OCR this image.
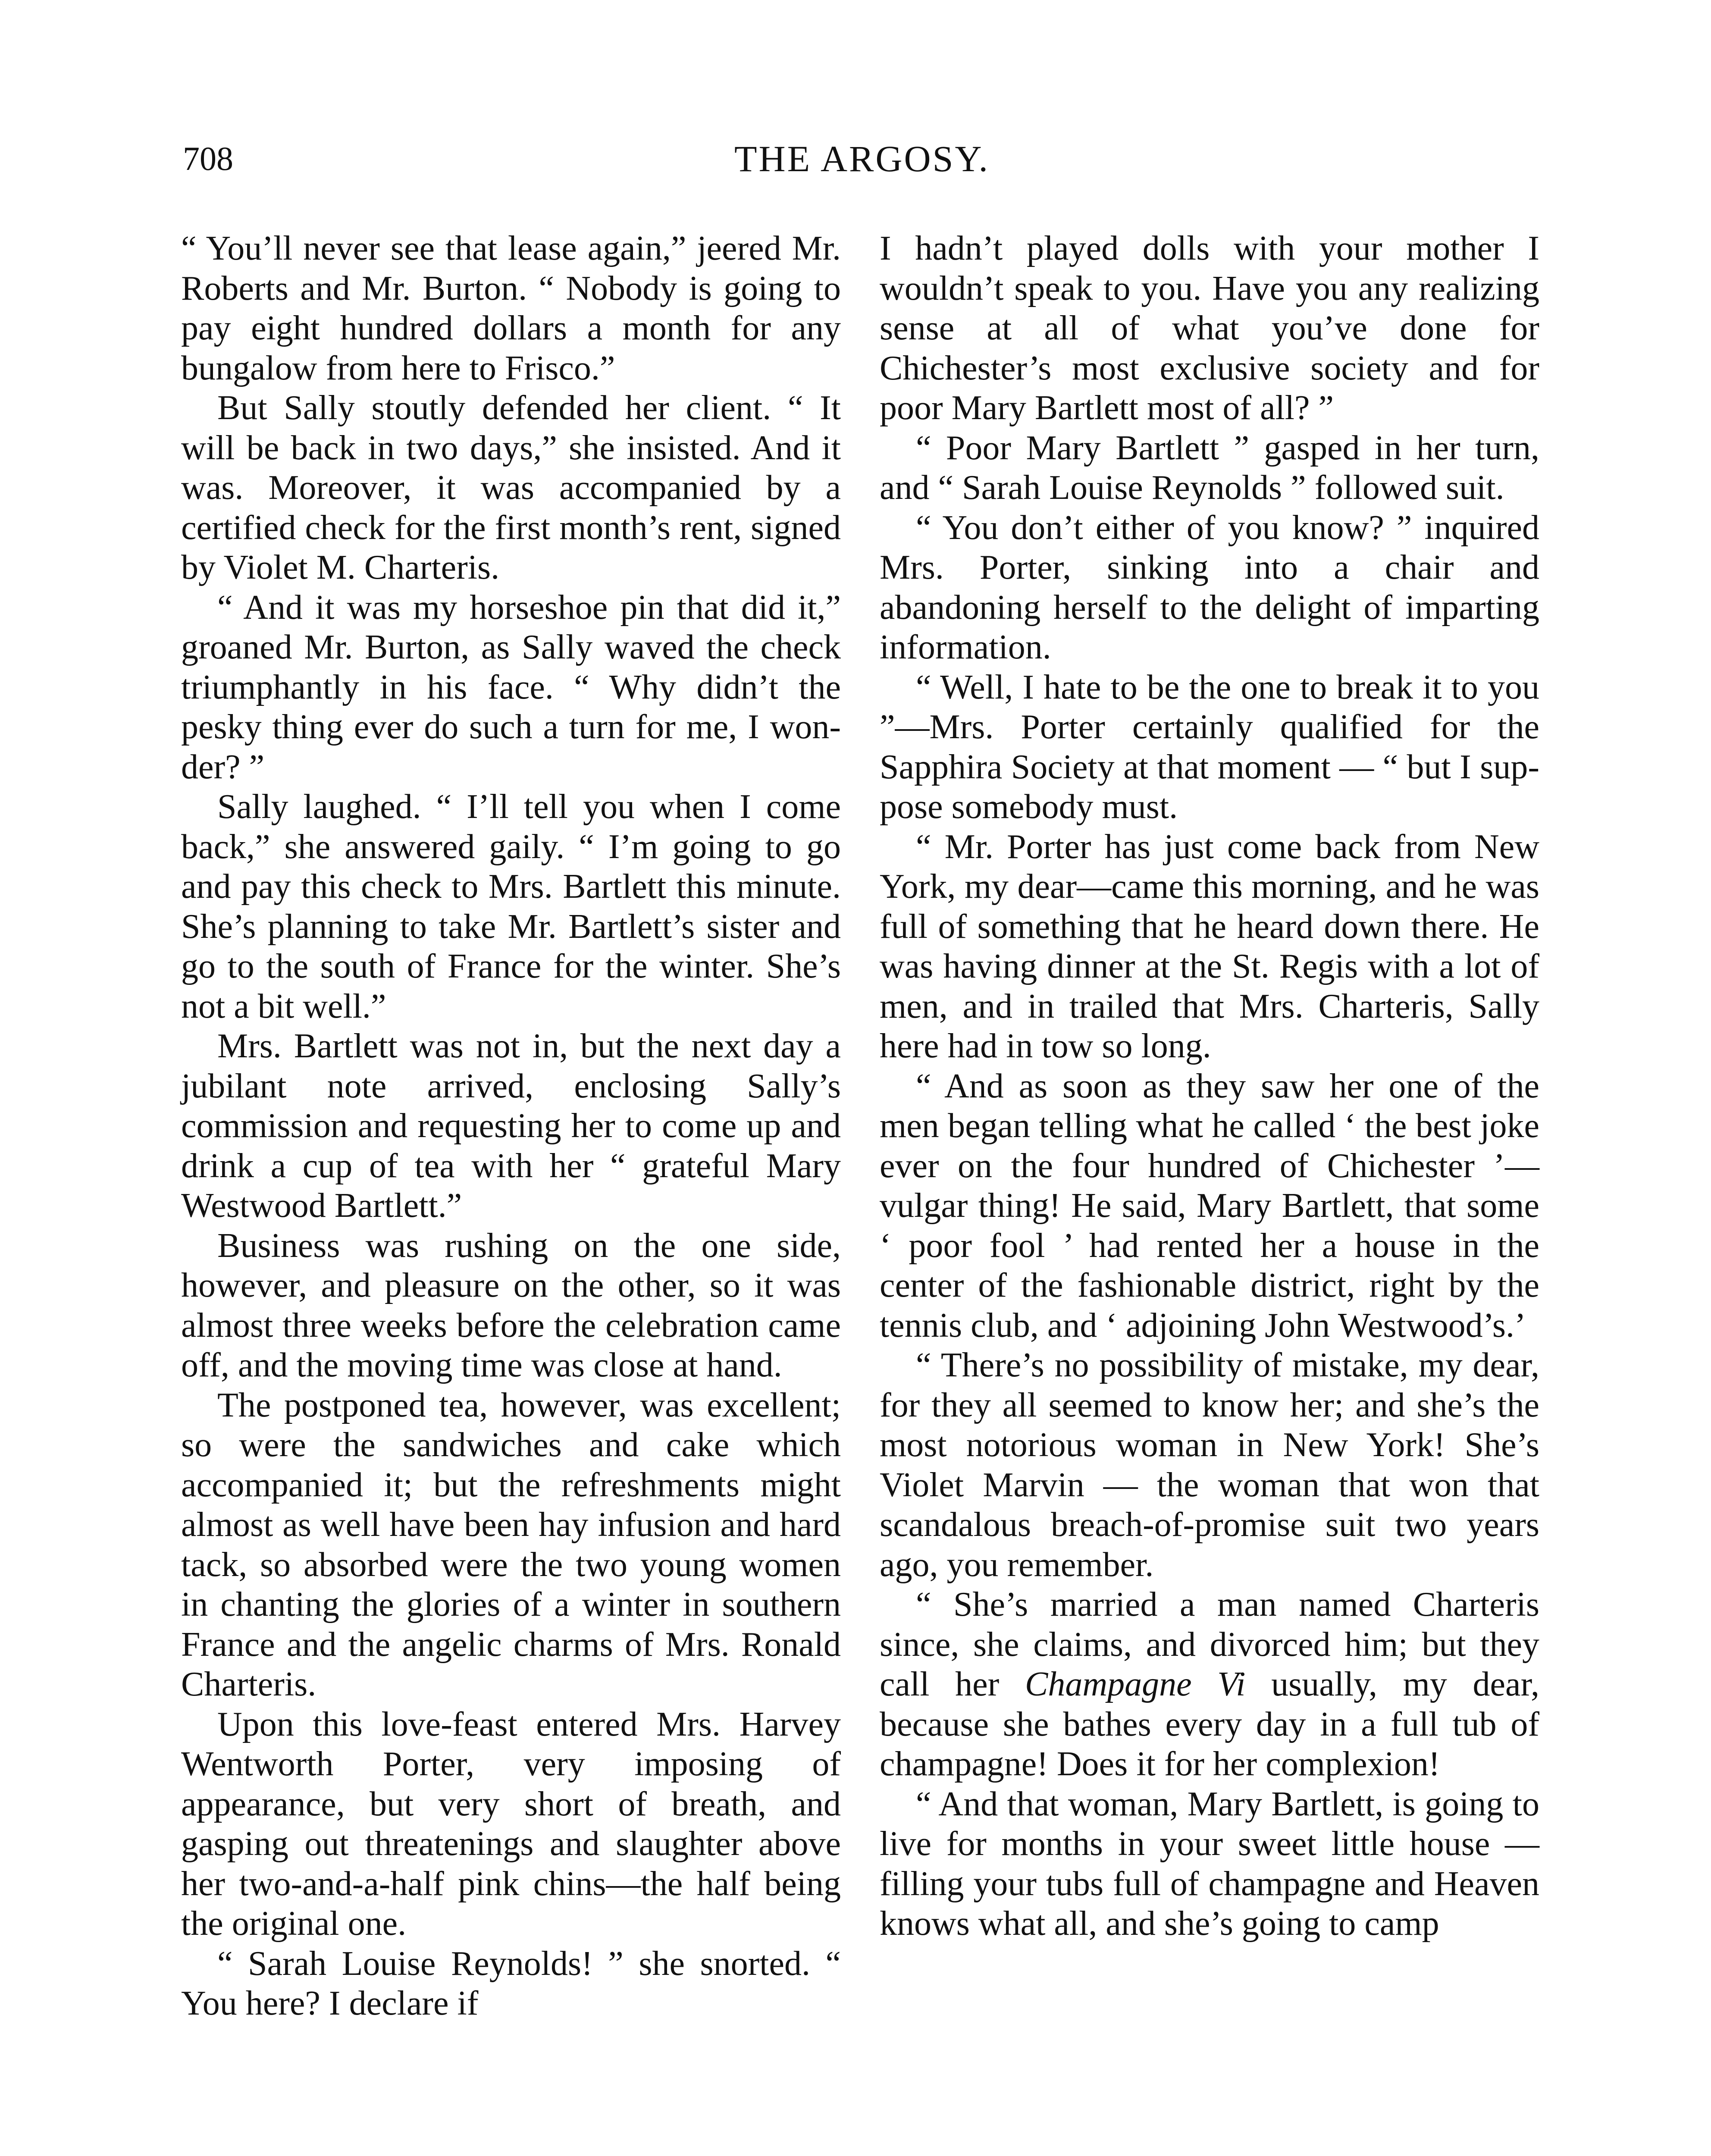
708	THE ARGOSY.

“ You’ll never see that lease again,” jeered Mr. Roberts and Mr. Burton. “ Nobody is going to pay eight hundred dollars a month for any bungalow from here to Frisco.”

But Sally stoutly defended her client. “ It will be back in two days,” she insisted. And it was. Moreover, it was accompanied by a certified check for the first month’s rent, signed by Violet M. Charteris.

“ And it was my horseshoe pin that did it,” groaned Mr. Burton, as Sally waved the check triumphantly in his face. “ Why didn’t the pesky thing ever do such a turn for me, I wonder? ”

Sally laughed. “ I’ll tell you when I come back,” she answered gaily. “ I’m going to go and pay this check to Mrs. Bartlett this minute. She’s planning to take Mr. Bartlett’s sister and go to the south of France for the winter. She’s not a bit well.”

Mrs. Bartlett was not in, but the next day a jubilant note arrived, enclosing Sally’s commission and requesting her to come up and drink a cup of tea with her “ grateful Mary Westwood Bartlett.”

Business was rushing on the one side, however, and pleasure on the other, so it was almost three weeks before the celebration came off, and the moving time was close at hand.

The postponed tea, however, was excellent; so were the sandwiches and cake which accompanied it; but the refreshments might almost as well have been hay infusion and hard tack, so absorbed were the two young women in chanting the glories of a winter in southern France and the angelic charms of Mrs. Ronald Charteris.

Upon this love-feast entered Mrs. Harvey Wentworth Porter, very imposing of appearance, but very short of breath, and gasping out threatenings and slaughter above her two-and-a-half pink chins—the half being the original one.

“ Sarah Louise Reynolds! ” she snorted. “ You here? I declare if

I hadn’t played dolls with your mother I wouldn’t speak to you. Have you any realizing sense at all of what you’ve done for Chichester’s most exclusive society and for poor Mary Bartlett most of all? ”

“ Poor Mary Bartlett ” gasped in her turn, and “ Sarah Louise Reynolds ” followed suit.

“ You don’t either of you know? ” inquired Mrs. Porter, sinking into a chair and abandoning herself to the delight of imparting information.

“ Well, I hate to be the one to break it to you ”—Mrs. Porter certainly qualified for the Sapphira Society at that moment — “ but I suppose somebody must.

“ Mr. Porter has just come back from New York, my dear—came this morning, and he was full of something that he heard down there. He was having dinner at the St. Regis with a lot of men, and in trailed that Mrs. Charteris, Sally here had in tow so long.

“ And as soon as they saw her one of the men began telling what he called ‘ the best joke ever on the four hundred of Chichester ’—vulgar thing! He said, Mary Bartlett, that some ‘ poor fool ’ had rented her a house in the center of the fashionable district, right by the tennis club, and ‘ adjoining John Westwood’s.’

“ There’s no possibility of mistake, my dear, for they all seemed to know her; and she’s the most notorious woman in New York! She’s Violet Marvin — the woman that won that scandalous breach-of-promise suit two years ago, you remember.

“ She’s married a man named Charteris since, she claims, and divorced him; but they call her Champagne Vi usually, my dear, because she bathes every day in a full tub of champagne! Does it for her complexion!

“ And that woman, Mary Bartlett, is going to live for months in your sweet little house — filling your tubs full of champagne and Heaven knows what all, and she’s going to camp
